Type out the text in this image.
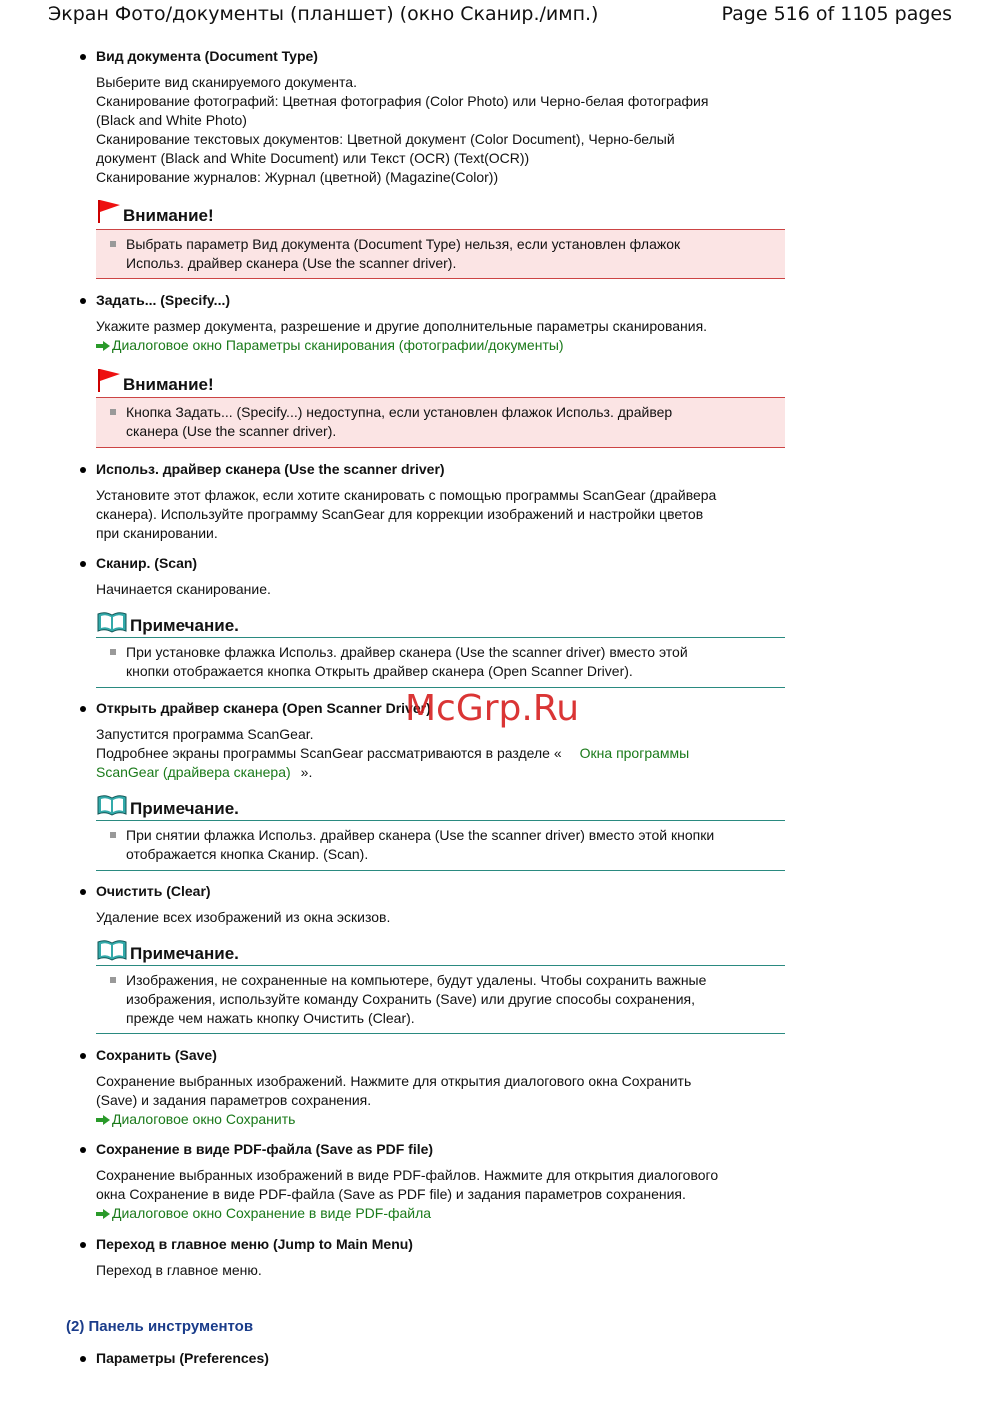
Экран Фото/документы (планшет) (окно Сканир./имп.)	Page 516 of 1105 pages
Вид документа (Document Type)
Выберите вид сканируемого документа.
Сканирование фотографий: Цветная фотография (Color Photo) или Черно-белая фотография
(Black and White Photo)
Сканирование текстовых документов: Цветной документ (Color Document), Черно-белый
документ (Black and White Document) или Текст (OCR) (Text(OCR))
Сканирование журналов: Журнал (цветной) (Magazine(Color))
Внимание!
Выбрать параметр Вид документа (Document Type) нельзя, если установлен флажок
Использ. драйвер сканера (Use the scanner driver).
Задать... (Specify...)
Укажите размер документа, разрешение и другие дополнительные параметры сканирования.
Диалоговое окно Параметры сканирования (фотографии/документы)
Внимание!
Кнопка Задать... (Specify...) недоступна, если установлен флажок Использ. драйвер
сканера (Use the scanner driver).
Использ. драйвер сканера (Use the scanner driver)
Установите этот флажок, если хотите сканировать с помощью программы ScanGear (драйвера
сканера). Используйте программу ScanGear для коррекции изображений и настройки цветов
при сканировании.
Сканир. (Scan)
Начинается сканирование.
Примечание.
При установке флажка Использ. драйвер сканера (Use the scanner driver) вместо этой
кнопки отображается кнопка Открыть драйвер сканера (Open Scanner Driver).
Открыть драйвер сканера (Open Scanner Driver)
Запустится программа ScanGear.
Подробнее экраны программы ScanGear рассматриваются в разделе « Окна программы
ScanGear (драйвера сканера) ».
Примечание.
При снятии флажка Использ. драйвер сканера (Use the scanner driver) вместо этой кнопки
отображается кнопка Сканир. (Scan).
Очистить (Clear)
Удаление всех изображений из окна эскизов.
Примечание.
Изображения, не сохраненные на компьютере, будут удалены. Чтобы сохранить важные
изображения, используйте команду Сохранить (Save) или другие способы сохранения,
прежде чем нажать кнопку Очистить (Clear).
Сохранить (Save)
Сохранение выбранных изображений. Нажмите для открытия диалогового окна Сохранить
(Save) и задания параметров сохранения.
Диалоговое окно Сохранить
Сохранение в виде PDF-файла (Save as PDF file)
Сохранение выбранных изображений в виде PDF-файлов. Нажмите для открытия диалогового
окна Сохранение в виде PDF-файла (Save as PDF file) и задания параметров сохранения.
Диалоговое окно Сохранение в виде PDF-файла
Переход в главное меню (Jump to Main Menu)
Переход в главное меню.
(2) Панель инструментов
Параметры (Preferences)
McGrp.Ru
